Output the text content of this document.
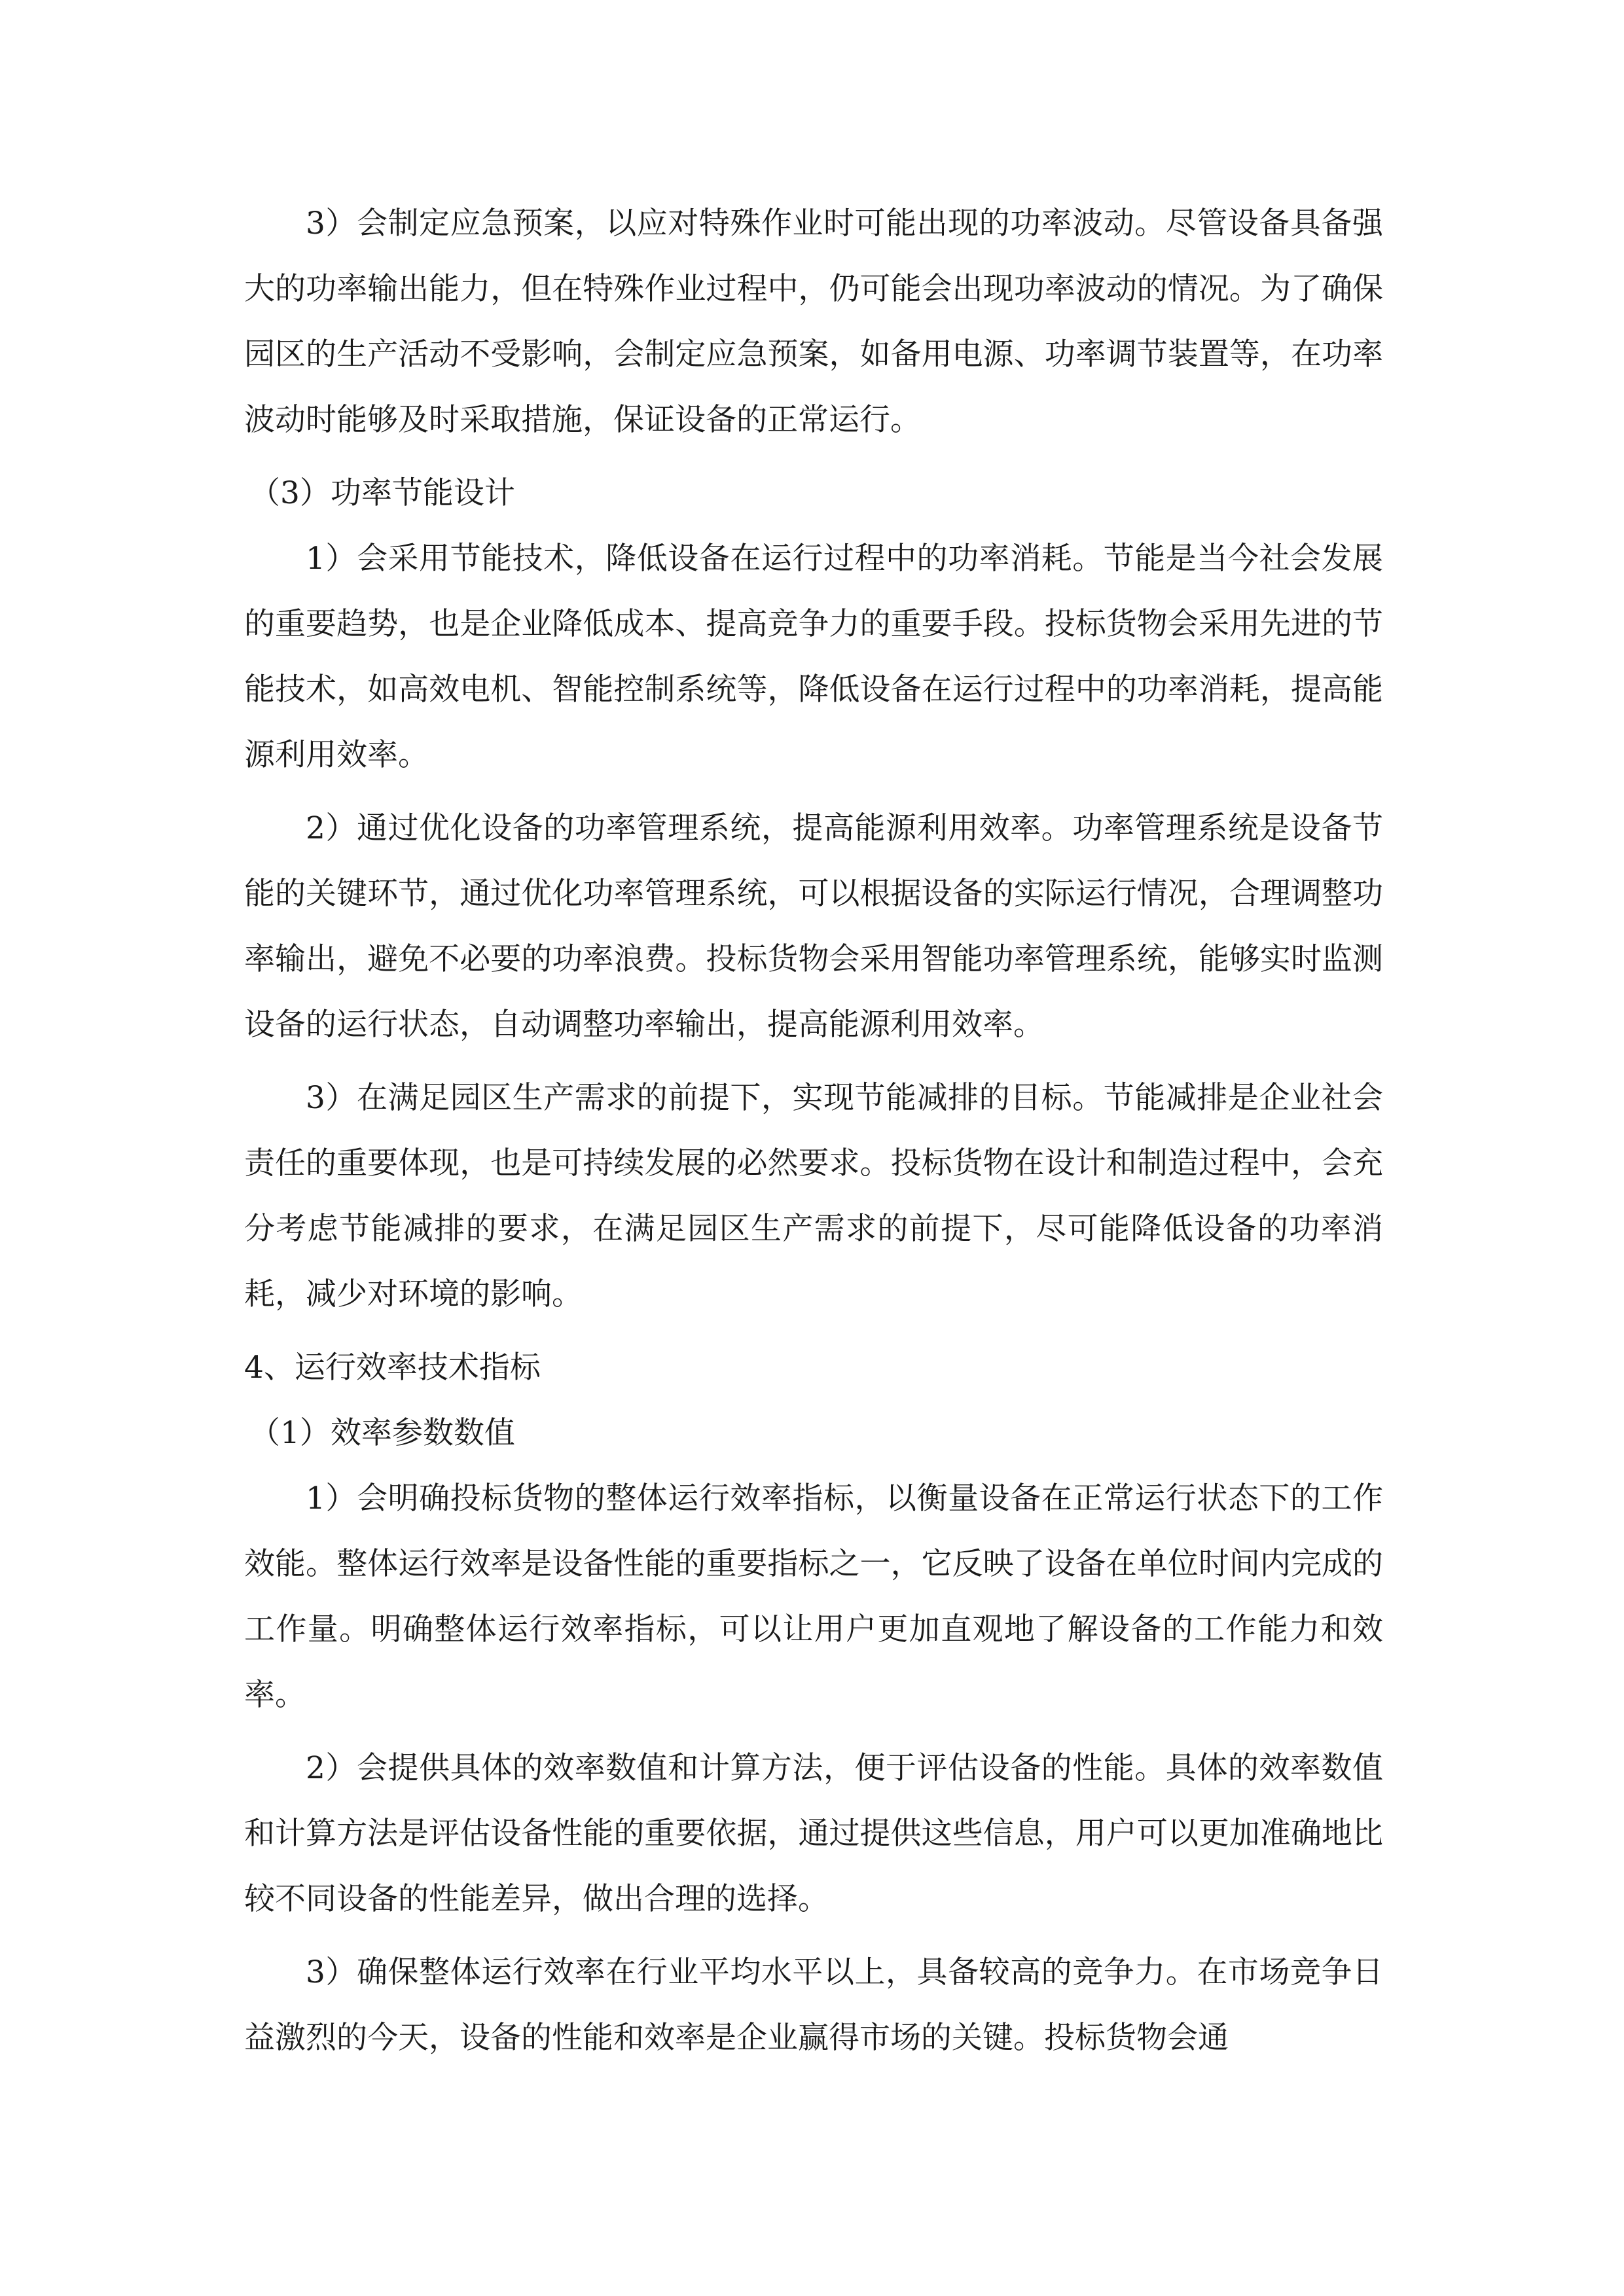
3）会制定应急预案，以应对特殊作业时可能出现的功率波动。尽管设备具备强大的功率输出能力，但在特殊作业过程中，仍可能会出现功率波动的情况。为了确保园区的生产活动不受影响，会制定应急预案，如备用电源、功率调节装置等，在功率波动时能够及时采取措施，保证设备的正常运行。

（3）功率节能设计

1）会采用节能技术，降低设备在运行过程中的功率消耗。节能是当今社会发展的重要趋势，也是企业降低成本、提高竞争力的重要手段。投标货物会采用先进的节能技术，如高效电机、智能控制系统等，降低设备在运行过程中的功率消耗，提高能源利用效率。

2）通过优化设备的功率管理系统，提高能源利用效率。功率管理系统是设备节能的关键环节，通过优化功率管理系统，可以根据设备的实际运行情况，合理调整功率输出，避免不必要的功率浪费。投标货物会采用智能功率管理系统，能够实时监测设备的运行状态，自动调整功率输出，提高能源利用效率。

3）在满足园区生产需求的前提下，实现节能减排的目标。节能减排是企业社会责任的重要体现，也是可持续发展的必然要求。投标货物在设计和制造过程中，会充分考虑节能减排的要求，在满足园区生产需求的前提下，尽可能降低设备的功率消耗，减少对环境的影响。

4、运行效率技术指标

（1）效率参数数值

1）会明确投标货物的整体运行效率指标，以衡量设备在正常运行状态下的工作效能。整体运行效率是设备性能的重要指标之一，它反映了设备在单位时间内完成的工作量。明确整体运行效率指标，可以让用户更加直观地了解设备的工作能力和效率。

2）会提供具体的效率数值和计算方法，便于评估设备的性能。具体的效率数值和计算方法是评估设备性能的重要依据，通过提供这些信息，用户可以更加准确地比较不同设备的性能差异，做出合理的选择。

3）确保整体运行效率在行业平均水平以上，具备较高的竞争力。在市场竞争日益激烈的今天，设备的性能和效率是企业赢得市场的关键。投标货物会通
